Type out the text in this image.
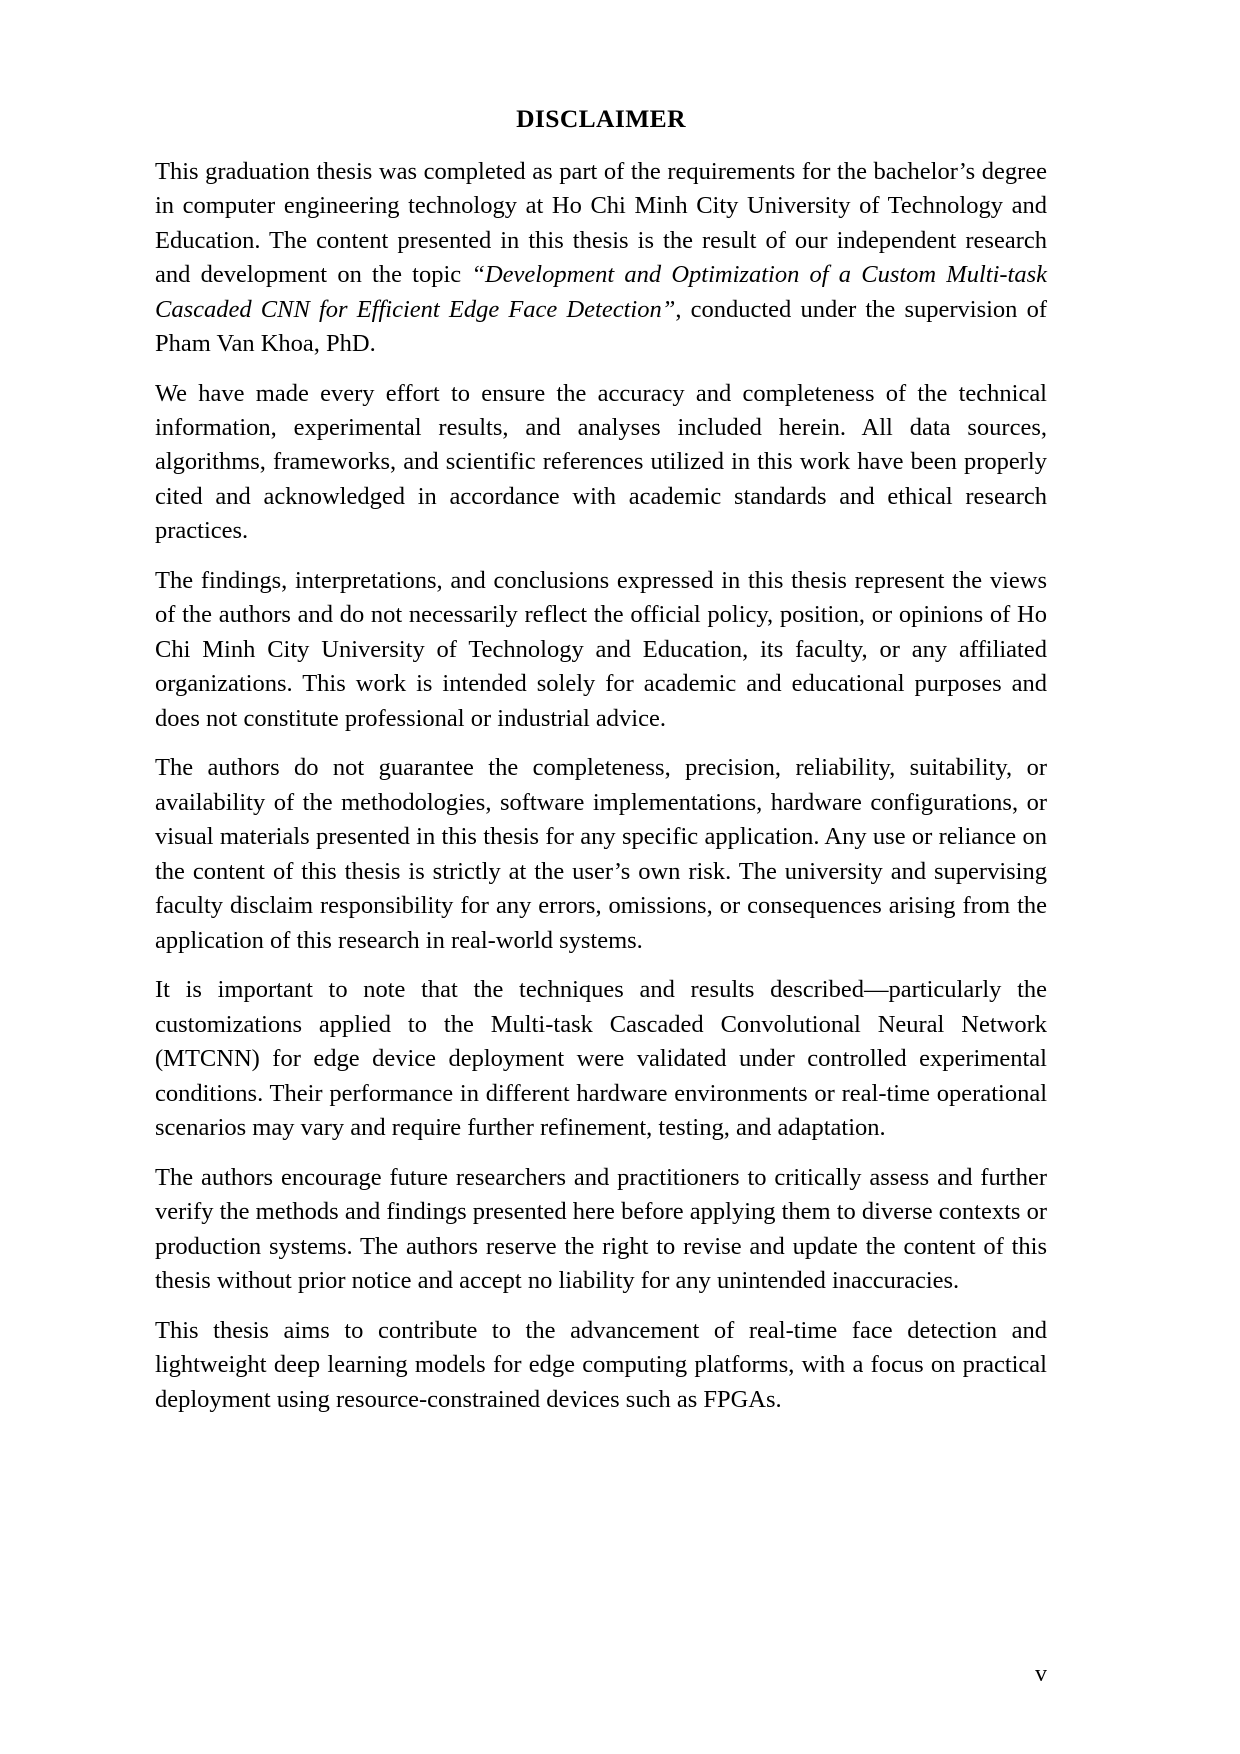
DISCLAIMER

This graduation thesis was completed as part of the requirements for the bachelor’s degree in computer engineering technology at Ho Chi Minh City University of Technology and Education. The content presented in this thesis is the result of our independent research and development on the topic “Development and Optimization of a Custom Multi-task Cascaded CNN for Efficient Edge Face Detection”, conducted under the supervision of Pham Van Khoa, PhD.

We have made every effort to ensure the accuracy and completeness of the technical information, experimental results, and analyses included herein. All data sources, algorithms, frameworks, and scientific references utilized in this work have been properly cited and acknowledged in accordance with academic standards and ethical research practices.

The findings, interpretations, and conclusions expressed in this thesis represent the views of the authors and do not necessarily reflect the official policy, position, or opinions of Ho Chi Minh City University of Technology and Education, its faculty, or any affiliated organizations. This work is intended solely for academic and educational purposes and does not constitute professional or industrial advice.

The authors do not guarantee the completeness, precision, reliability, suitability, or availability of the methodologies, software implementations, hardware configurations, or visual materials presented in this thesis for any specific application. Any use or reliance on the content of this thesis is strictly at the user’s own risk. The university and supervising faculty disclaim responsibility for any errors, omissions, or consequences arising from the application of this research in real-world systems.

It is important to note that the techniques and results described—particularly the customizations applied to the Multi-task Cascaded Convolutional Neural Network (MTCNN) for edge device deployment were validated under controlled experimental conditions. Their performance in different hardware environments or real-time operational scenarios may vary and require further refinement, testing, and adaptation.

The authors encourage future researchers and practitioners to critically assess and further verify the methods and findings presented here before applying them to diverse contexts or production systems. The authors reserve the right to revise and update the content of this thesis without prior notice and accept no liability for any unintended inaccuracies.

This thesis aims to contribute to the advancement of real-time face detection and lightweight deep learning models for edge computing platforms, with a focus on practical deployment using resource-constrained devices such as FPGAs.

v
